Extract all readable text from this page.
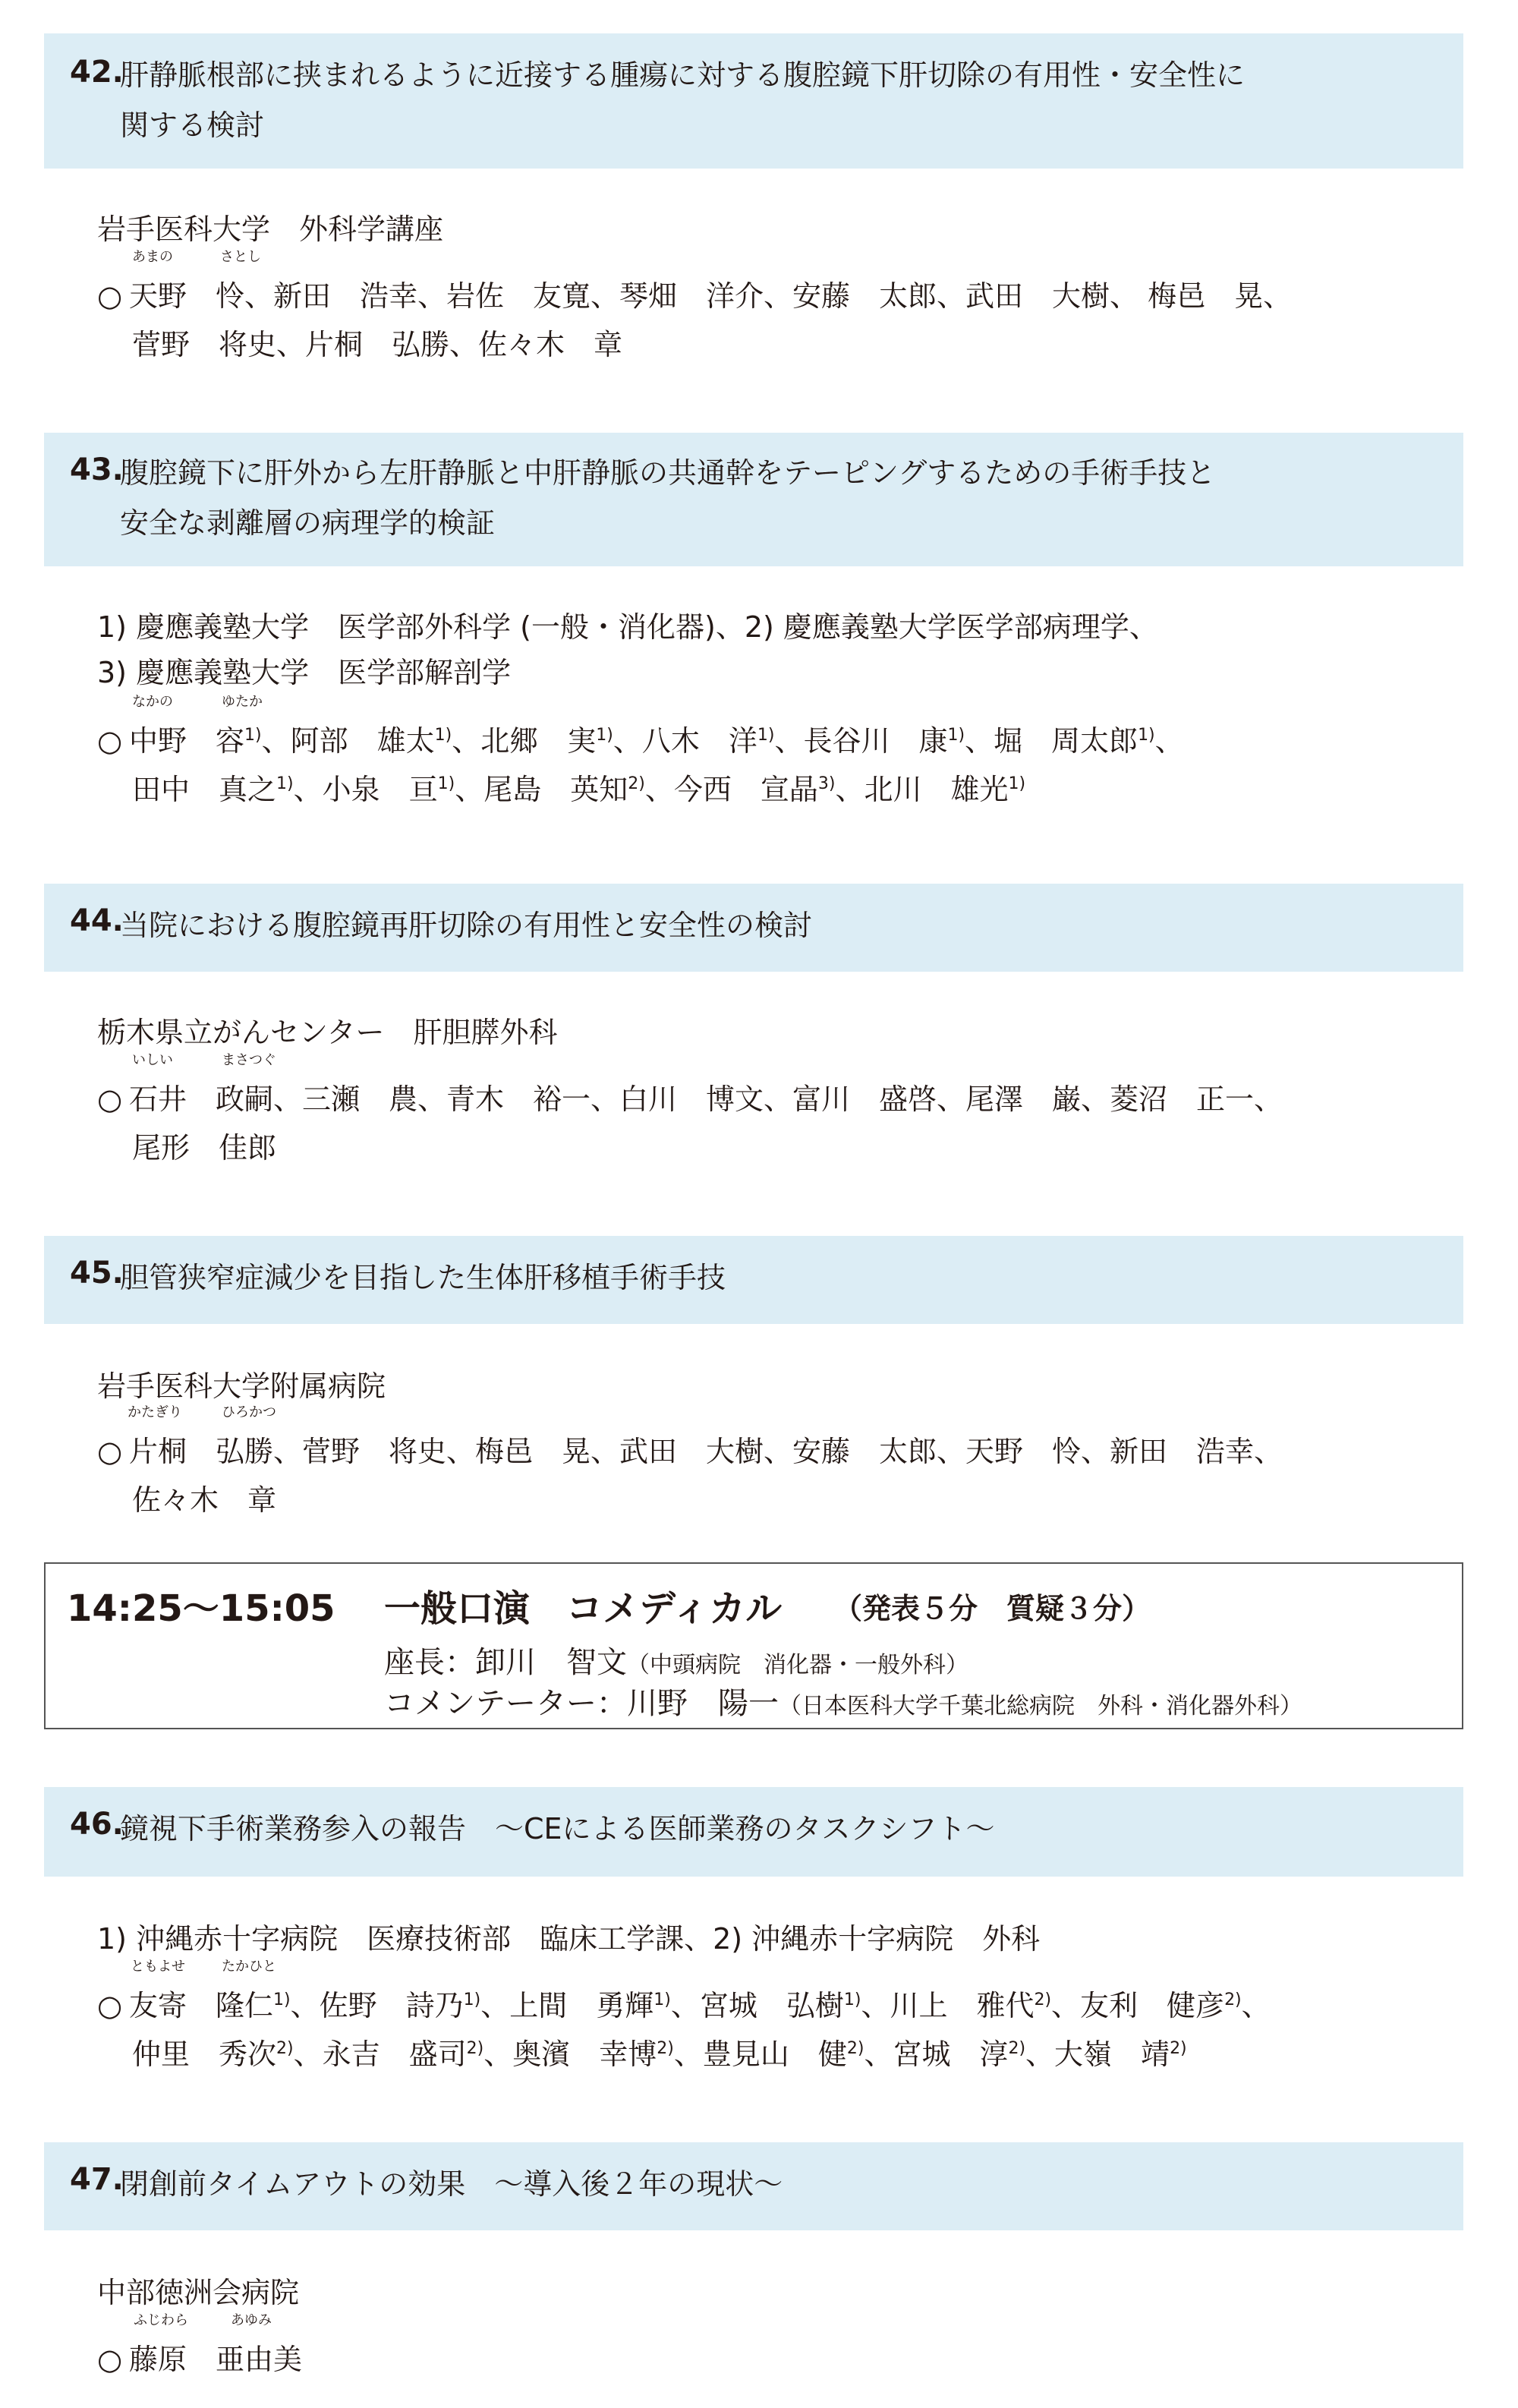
42.
肝静脈根部に挟まれるように近接する腫瘍に対する腹腔鏡下肝切除の有用性・安全性に
関する検討
岩手医科大学　外科学講座
○
あまの	さとし
天野　怜、新田　浩幸、岩佐　友寛、琴畑　洋介、安藤　太郎、武田　大樹、 梅邑　晃、
菅野　将史、片桐　弘勝、佐々木　章
43.
腹腔鏡下に肝外から左肝静脈と中肝静脈の共通幹をテーピングするための手術手技と
安全な剥離層の病理学的検証
1) 慶應義塾大学　医学部外科学 (一般・消化器)、2) 慶應義塾大学医学部病理学、
3) 慶應義塾大学　医学部解剖学
○
なかの	ゆたか
中野　容$^{1)}$、阿部　雄太$^{1)}$、北郷　実$^{1)}$、八木　洋$^{1)}$、長谷川　康$^{1)}$、堀　周太郎$^{1)}$、
田中　真之$^{1)}$、小泉　亘$^{1)}$、尾島　英知$^{2)}$、今西　宣晶$^{3)}$、北川　雄光$^{1)}$
44.
当院における腹腔鏡再肝切除の有用性と安全性の検討
栃木県立がんセンター　肝胆膵外科
○
いしい	まさつぐ
石井　政嗣、三瀬　農、青木　裕一、白川　博文、富川　盛啓、尾澤　巌、菱沼　正一、
尾形　佳郎
45.
胆管狭窄症減少を目指した生体肝移植手術手技
岩手医科大学附属病院
○
かたぎり	ひろかつ
片桐　弘勝、菅野　将史、梅邑　晃、武田　大樹、安藤　太郎、天野　怜、新田　浩幸、
佐々木　章
14:25～15:05 一般口演　コメディカル （発表５分　質疑３分）
座長：卸川　智文（中頭病院　消化器・一般外科）
コメンテーター：川野　陽一（日本医科大学千葉北総病院　外科・消化器外科）
46.
鏡視下手術業務参入の報告　～CEによる医師業務のタスクシフト～
1) 沖縄赤十字病院　医療技術部　臨床工学課、2) 沖縄赤十字病院　外科
○
ともよせ	たかひと
友寄　隆仁$^{1)}$、佐野　詩乃$^{1)}$、上間　勇輝$^{1)}$、宮城　弘樹$^{1)}$、川上　雅代$^{2)}$、友利　健彦$^{2)}$、
仲里　秀次$^{2)}$、永吉　盛司$^{2)}$、奥濱　幸博$^{2)}$、豊見山　健$^{2)}$、宮城　淳$^{2)}$、大嶺　靖$^{2)}$
47.
閉創前タイムアウトの効果　～導入後２年の現状～
中部徳洲会病院
○
ふじわら	あゆみ
藤原　亜由美
